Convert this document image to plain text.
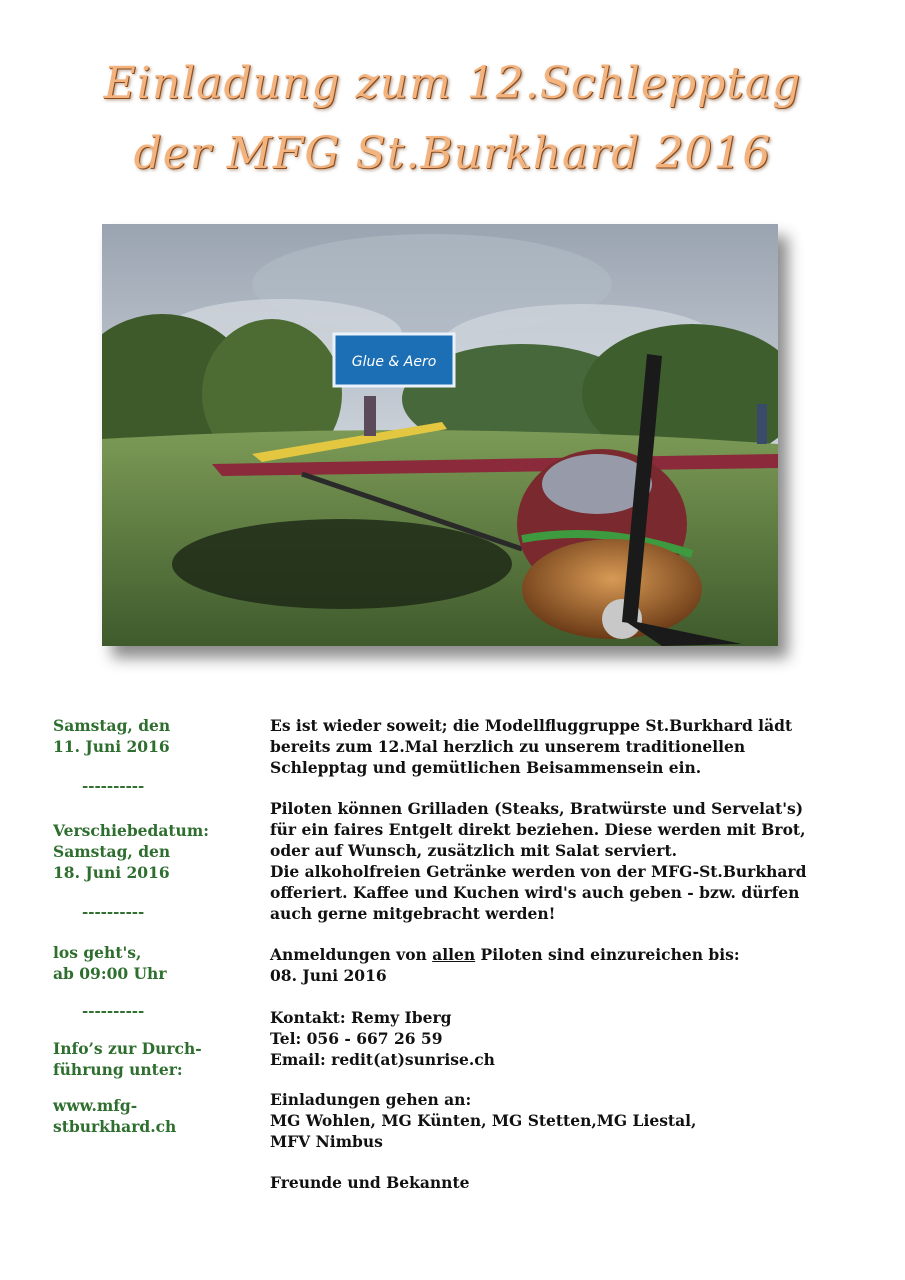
Einladung zum 12.Schlepptag
der MFG St.Burkhard 2016
Glue & Aero
Samstag, den
11. Juni 2016
----------
Verschiebedatum:
Samstag, den
18. Juni 2016
----------
los geht's,
ab 09:00 Uhr
----------
Info’s zur Durch-
führung unter:
www.mfg-
stburkhard.ch
Es ist wieder soweit; die Modellfluggruppe St.Burkhard lädt
bereits zum 12.Mal herzlich zu unserem traditionellen
Schlepptag und gemütlichen Beisammensein ein.
Piloten können Grilladen (Steaks, Bratwürste und Servelat's)
für ein faires Entgelt direkt beziehen. Diese werden mit Brot,
oder auf Wunsch, zusätzlich mit Salat serviert.
Die alkoholfreien Getränke werden von der MFG-St.Burkhard
offeriert. Kaffee und Kuchen wird's auch geben - bzw. dürfen
auch gerne mitgebracht werden!
Anmeldungen von allen Piloten sind einzureichen bis:
08. Juni 2016
Kontakt: Remy Iberg
Tel: 056 - 667 26 59
Email: redit(at)sunrise.ch
Einladungen gehen an:
MG Wohlen, MG Künten, MG Stetten,MG Liestal,
MFV Nimbus
Freunde und Bekannte
